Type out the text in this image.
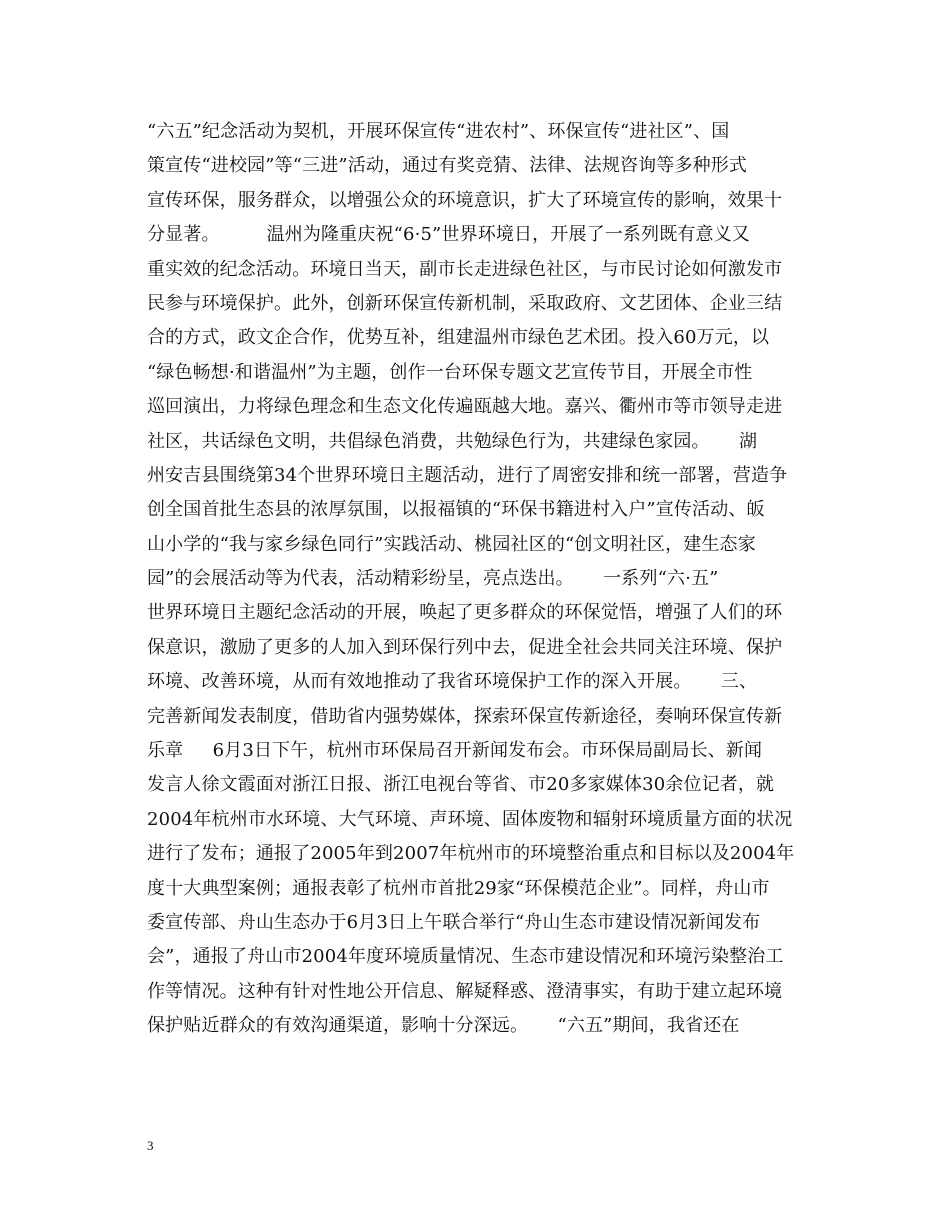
“六五”纪念活动为契机，开展环保宣传“进农村”、环保宣传“进社区”、国
策宣传“进校园”等“三进”活动，通过有奖竞猜、法律、法规咨询等多种形式
宣传环保，服务群众，以增强公众的环境意识，扩大了环境宣传的影响，效果十
分显著。        温州为隆重庆祝“6·5”世界环境日，开展了一系列既有意义又
重实效的纪念活动。环境日当天，副市长走进绿色社区，与市民讨论如何激发市
民参与环境保护。此外，创新环保宣传新机制，采取政府、文艺团体、企业三结
合的方式，政文企合作，优势互补，组建温州市绿色艺术团。投入60万元，以
“绿色畅想·和谐温州”为主题，创作一台环保专题文艺宣传节目，开展全市性
巡回演出，力将绿色理念和生态文化传遍瓯越大地。嘉兴、衢州市等市领导走进
社区，共话绿色文明，共倡绿色消费，共勉绿色行为，共建绿色家园。     湖
州安吉县围绕第34个世界环境日主题活动，进行了周密安排和统一部署，营造争
创全国首批生态县的浓厚氛围，以报福镇的“环保书籍进村入户”宣传活动、皈
山小学的“我与家乡绿色同行”实践活动、桃园社区的“创文明社区，建生态家
园”的会展活动等为代表，活动精彩纷呈，亮点迭出。     一系列“六·五”
世界环境日主题纪念活动的开展，唤起了更多群众的环保觉悟，增强了人们的环
保意识，激励了更多的人加入到环保行列中去，促进全社会共同关注环境、保护
环境、改善环境，从而有效地推动了我省环境保护工作的深入开展。     三、
完善新闻发表制度，借助省内强势媒体，探索环保宣传新途径，奏响环保宣传新
乐章     6月3日下午，杭州市环保局召开新闻发布会。市环保局副局长、新闻
发言人徐文霞面对浙江日报、浙江电视台等省、市20多家媒体30余位记者，就
2004年杭州市水环境、大气环境、声环境、固体废物和辐射环境质量方面的状况
进行了发布；通报了2005年到2007年杭州市的环境整治重点和目标以及2004年
度十大典型案例；通报表彰了杭州市首批29家“环保模范企业”。同样，舟山市
委宣传部、舟山生态办于6月3日上午联合举行“舟山生态市建设情况新闻发布
会”，通报了舟山市2004年度环境质量情况、生态市建设情况和环境污染整治工
作等情况。这种有针对性地公开信息、解疑释惑、澄清事实，有助于建立起环境
保护贴近群众的有效沟通渠道，影响十分深远。     “六五”期间，我省还在
3
